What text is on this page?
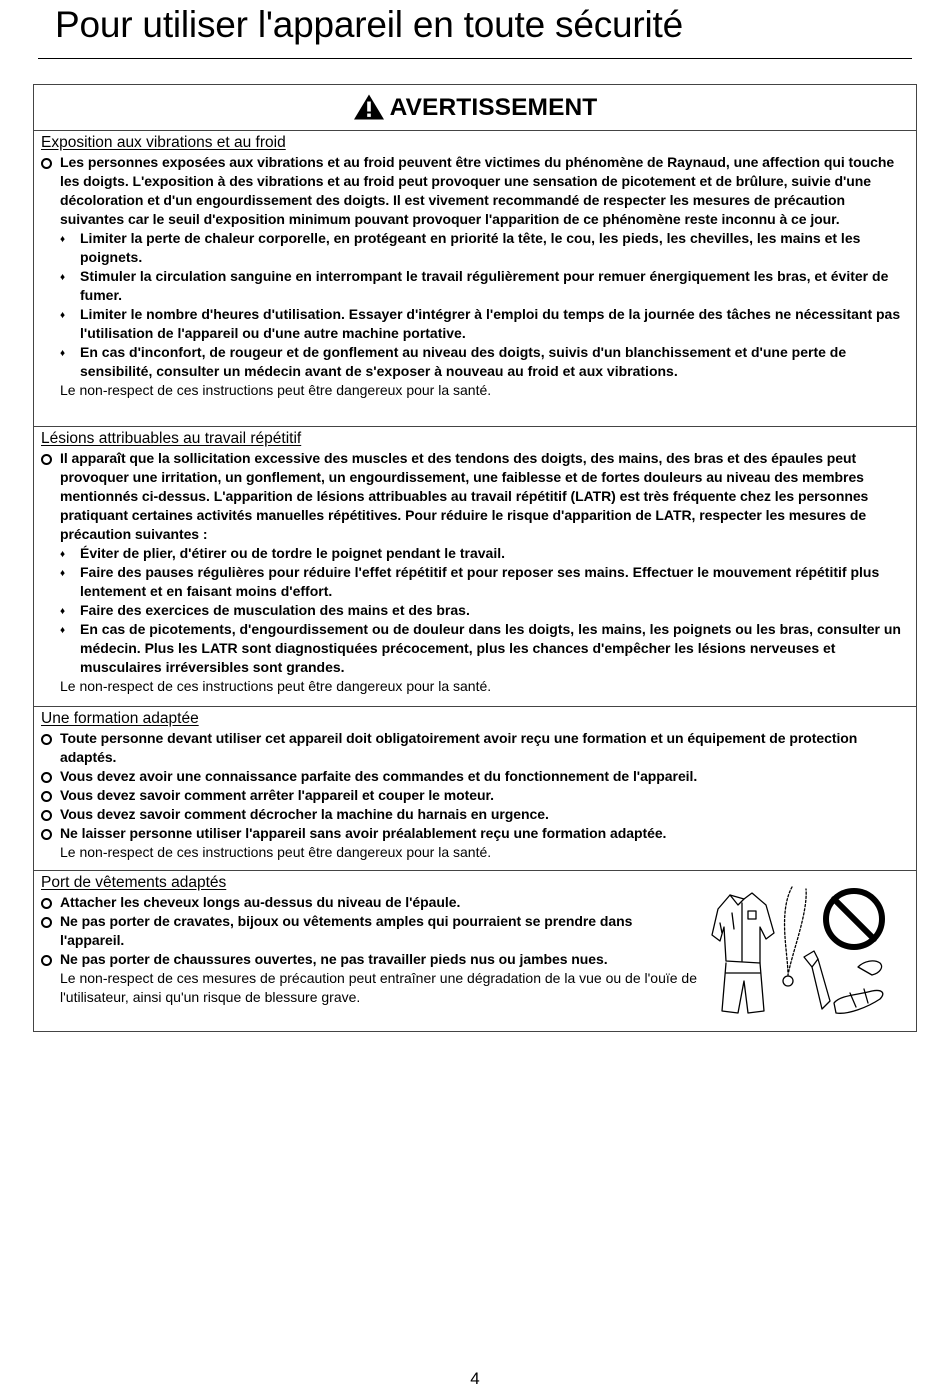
Pour utiliser l'appareil en toute sécurité
AVERTISSEMENT
Exposition aux vibrations et au froid
Les personnes exposées aux vibrations et au froid peuvent être victimes du phénomène de Raynaud, une affection qui touche les doigts. L'exposition à des vibrations et au froid peut provoquer une sensation de picotement et de brûlure, suivie d'une décoloration et d'un engourdissement des doigts. Il est vivement recommandé de respecter les mesures de précaution suivantes car le seuil d'exposition minimum pouvant provoquer l'apparition de ce phénomène reste inconnu à ce jour.
♦ Limiter la perte de chaleur corporelle, en protégeant en priorité la tête, le cou, les pieds, les chevilles, les mains et les poignets.
♦ Stimuler la circulation sanguine en interrompant le travail régulièrement pour remuer énergiquement les bras, et éviter de fumer.
♦ Limiter le nombre d'heures d'utilisation. Essayer d'intégrer à l'emploi du temps de la journée des tâches ne nécessitant pas l'utilisation de l'appareil ou d'une autre machine portative.
♦ En cas d'inconfort, de rougeur et de gonflement au niveau des doigts, suivis d'un blanchissement et d'une perte de sensibilité, consulter un médecin avant de s'exposer à nouveau au froid et aux vibrations.
Le non-respect de ces instructions peut être dangereux pour la santé.
Lésions attribuables au travail répétitif
Il apparaît que la sollicitation excessive des muscles et des tendons des doigts, des mains, des bras et des épaules peut provoquer une irritation, un gonflement, un engourdissement, une faiblesse et de fortes douleurs au niveau des membres mentionnés ci-dessus. L'apparition de lésions attribuables au travail répétitif (LATR) est très fréquente chez les personnes pratiquant certaines activités manuelles répétitives. Pour réduire le risque d'apparition de LATR, respecter les mesures de précaution suivantes :
♦ Éviter de plier, d'étirer ou de tordre le poignet pendant le travail.
♦ Faire des pauses régulières pour réduire l'effet répétitif et pour reposer ses mains. Effectuer le mouvement répétitif plus lentement et en faisant moins d'effort.
♦ Faire des exercices de musculation des mains et des bras.
♦ En cas de picotements, d'engourdissement ou de douleur dans les doigts, les mains, les poignets ou les bras, consulter un médecin. Plus les LATR sont diagnostiquées précocement, plus les chances d'empêcher les lésions nerveuses et musculaires irréversibles sont grandes.
Le non-respect de ces instructions peut être dangereux pour la santé.
Une formation adaptée
Toute personne devant utiliser cet appareil doit obligatoirement avoir reçu une formation et un équipement de protection adaptés.
Vous devez avoir une connaissance parfaite des commandes et du fonctionnement de l'appareil.
Vous devez savoir comment arrêter l'appareil et couper le moteur.
Vous devez savoir comment décrocher la machine du harnais en urgence.
Ne laisser personne utiliser l'appareil sans avoir préalablement reçu une formation adaptée.
Le non-respect de ces instructions peut être dangereux pour la santé.
Port de vêtements adaptés
Attacher les cheveux longs au-dessus du niveau de l'épaule.
Ne pas porter de cravates, bijoux ou vêtements amples qui pourraient se prendre dans l'appareil.
Ne pas porter de chaussures ouvertes, ne pas travailler pieds nus ou jambes nues.
Le non-respect de ces mesures de précaution peut entraîner une dégradation de la vue ou de l'ouïe de l'utilisateur, ainsi qu'un risque de blessure grave.
4
